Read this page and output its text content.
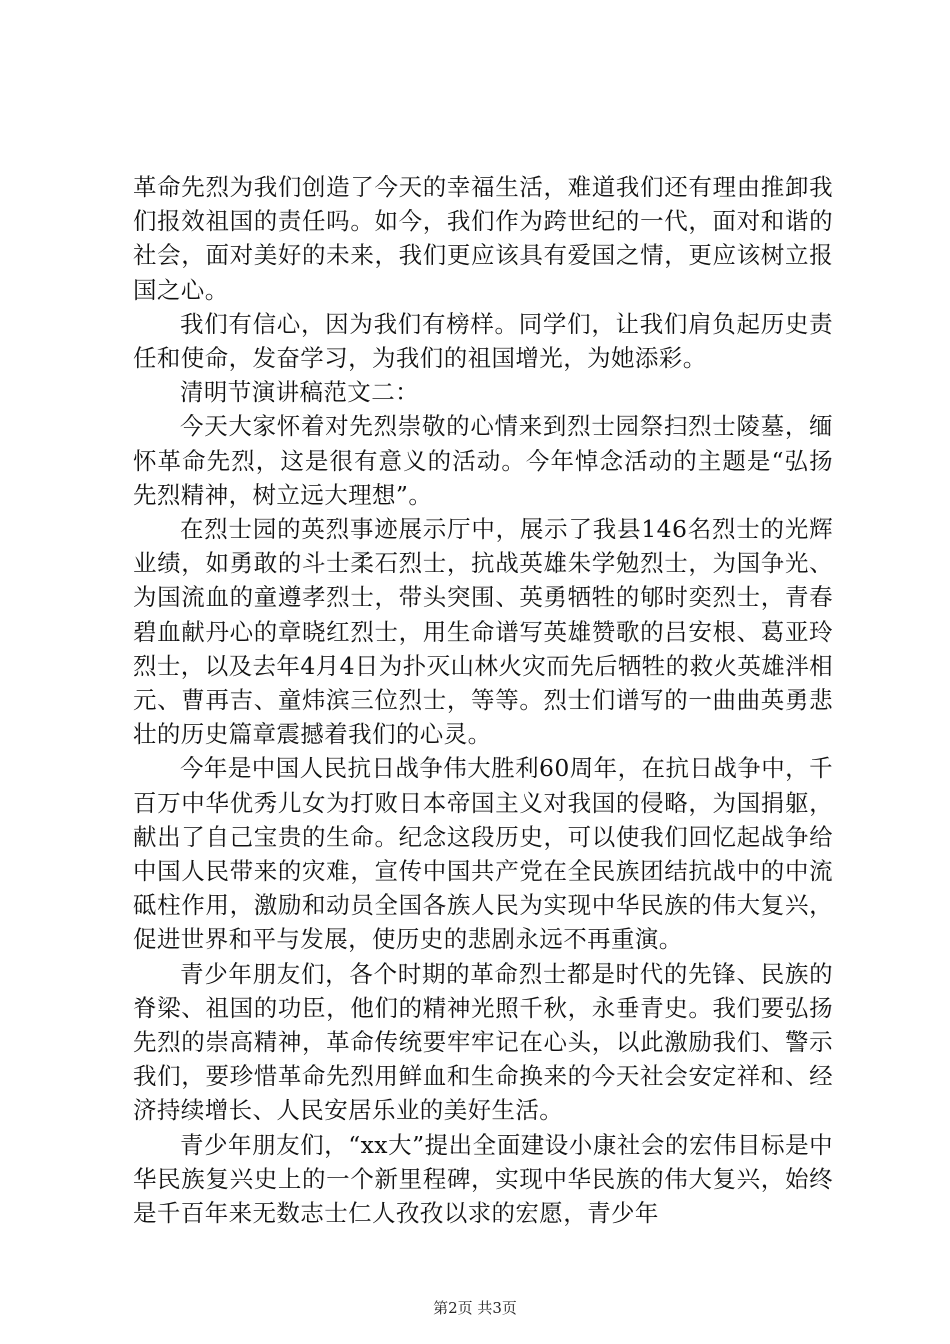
革命先烈为我们创造了今天的幸福生活，难道我们还有理由推卸我们报效祖国的责任吗。如今，我们作为跨世纪的一代，面对和谐的社会，面对美好的未来，我们更应该具有爱国之情，更应该树立报国之心。

我们有信心，因为我们有榜样。同学们，让我们肩负起历史责任和使命，发奋学习，为我们的祖国增光，为她添彩。

清明节演讲稿范文二：

今天大家怀着对先烈崇敬的心情来到烈士园祭扫烈士陵墓，缅怀革命先烈，这是很有意义的活动。今年悼念活动的主题是“弘扬先烈精神，树立远大理想”。

在烈士园的英烈事迹展示厅中，展示了我县146名烈士的光辉业绩，如勇敢的斗士柔石烈士，抗战英雄朱学勉烈士，为国争光、为国流血的童遵孝烈士，带头突围、英勇牺牲的郇时奕烈士，青春碧血献丹心的章晓红烈士，用生命谱写英雄赞歌的吕安根、葛亚玲烈士，以及去年4月4日为扑灭山林火灾而先后牺牲的救火英雄泮相元、曹再吉、童炜滨三位烈士，等等。烈士们谱写的一曲曲英勇悲壮的历史篇章震撼着我们的心灵。

今年是中国人民抗日战争伟大胜利60周年，在抗日战争中，千百万中华优秀儿女为打败日本帝国主义对我国的侵略，为国捐躯，献出了自己宝贵的生命。纪念这段历史，可以使我们回忆起战争给中国人民带来的灾难，宣传中国共产党在全民族团结抗战中的中流砥柱作用，激励和动员全国各族人民为实现中华民族的伟大复兴，促进世界和平与发展，使历史的悲剧永远不再重演。

青少年朋友们，各个时期的革命烈士都是时代的先锋、民族的脊梁、祖国的功臣，他们的精神光照千秋，永垂青史。我们要弘扬先烈的崇高精神，革命传统要牢牢记在心头，以此激励我们、警示我们，要珍惜革命先烈用鲜血和生命换来的今天社会安定祥和、经济持续增长、人民安居乐业的美好生活。

青少年朋友们，“xx大”提出全面建设小康社会的宏伟目标是中华民族复兴史上的一个新里程碑，实现中华民族的伟大复兴，始终是千百年来无数志士仁人孜孜以求的宏愿，青少年

第2页 共3页
